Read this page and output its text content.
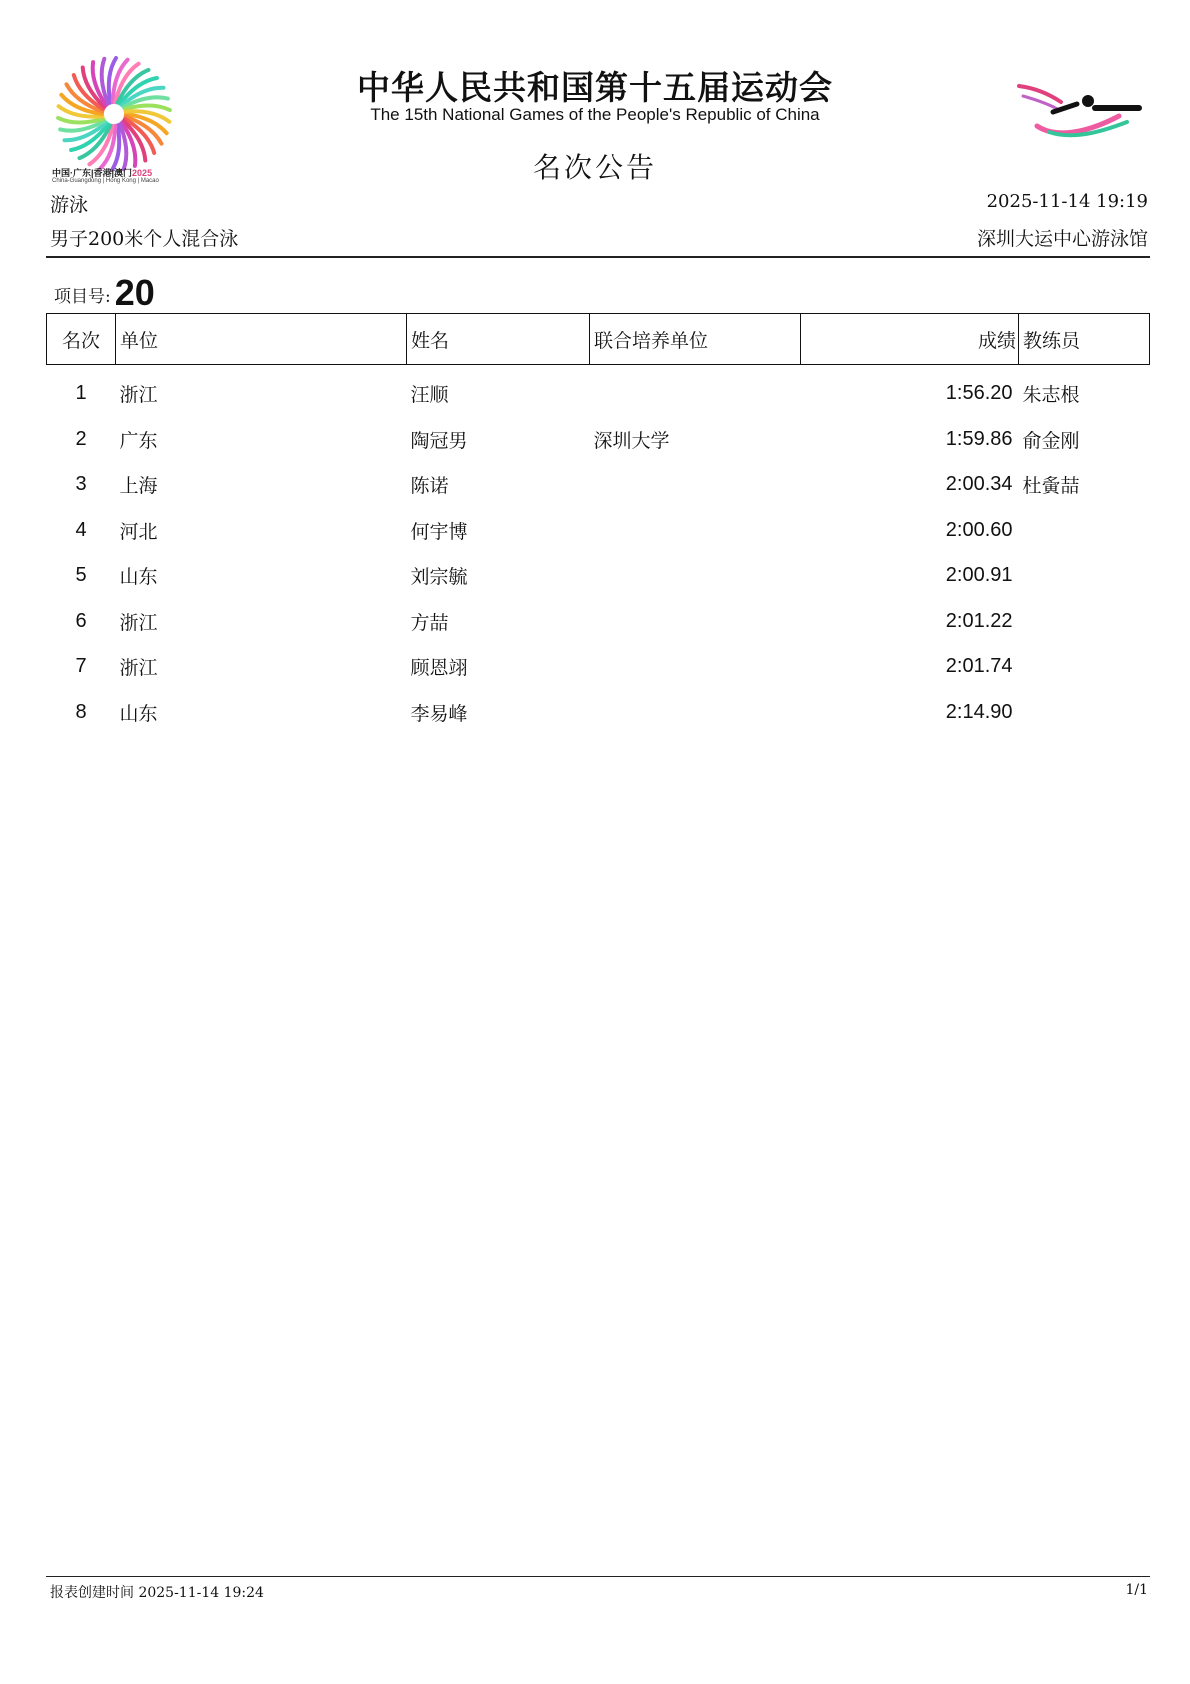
中国·广东|香港|澳门2025
China-Guangdong | Hong Kong | Macao
中华人民共和国第十五届运动会
The 15th National Games of the People's Republic of China
名次公告
游泳
男子200米个人混合泳
2025-11-14 19:19
深圳大运中心游泳馆
项目号: 20
名次	单位	姓名	联合培养单位	成绩	教练员
1	浙江	汪顺		1:56.20	朱志根
2	广东	陶冠男	深圳大学	1:59.86	俞金刚
3	上海	陈诺		2:00.34	杜夤喆
4	河北	何宇博		2:00.60	
5	山东	刘宗毓		2:00.91	
6	浙江	方喆		2:01.22	
7	浙江	顾恩翊		2:01.74	
8	山东	李易峰		2:14.90	
报表创建时间 2025-11-14 19:24	1/1
